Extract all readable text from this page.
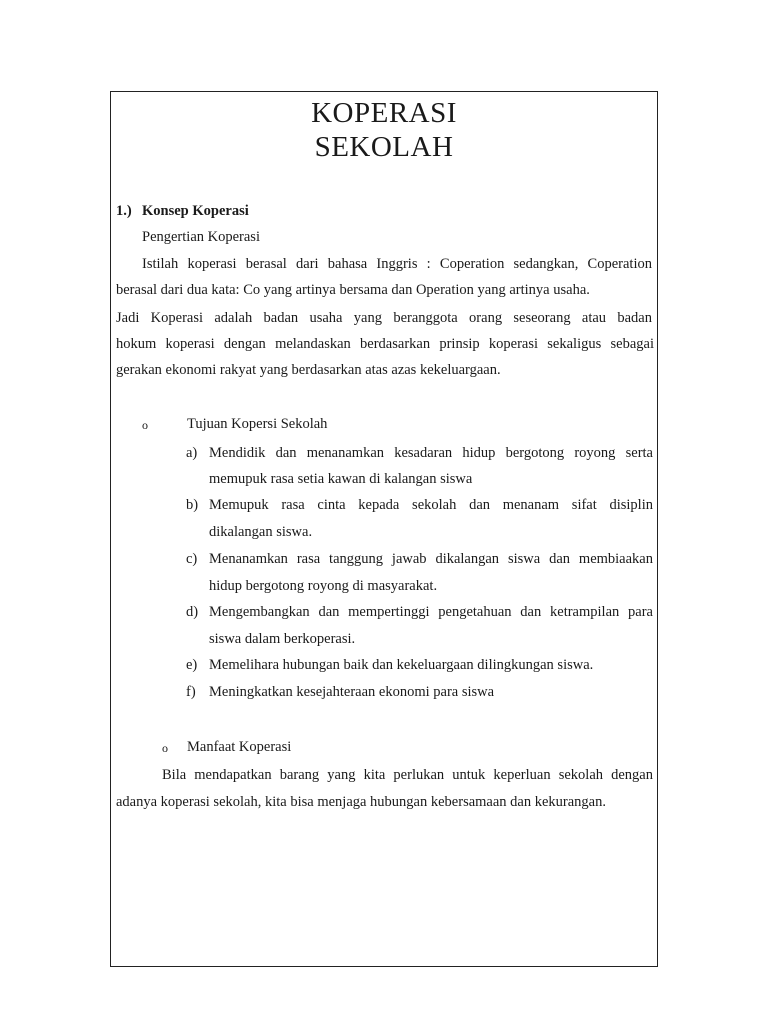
KOPERASI
SEKOLAH
1.) Konsep Koperasi
Pengertian Koperasi
Istilah koperasi berasal dari bahasa Inggris : Coperation sedangkan, Coperation
berasal dari dua kata: Co yang artinya bersama dan Operation yang artinya usaha.
Jadi Koperasi adalah badan usaha yang beranggota orang seseorang atau badan
hokum koperasi dengan melandaskan berdasarkan prinsip koperasi sekaligus sebagai
gerakan ekonomi rakyat yang berdasarkan atas azas kekeluargaan.
o	Tujuan Kopersi Sekolah
a) Mendidik dan menanamkan kesadaran hidup bergotong royong serta
memupuk rasa setia kawan di kalangan siswa
b) Memupuk rasa cinta kepada sekolah dan menanam sifat disiplin
dikalangan siswa.
c) Menanamkan rasa tanggung jawab dikalangan siswa dan membiaakan
hidup bergotong royong di masyarakat.
d) Mengembangkan dan mempertinggi pengetahuan dan ketrampilan para
siswa dalam berkoperasi.
e) Memelihara hubungan baik dan kekeluargaan dilingkungan siswa.
f) Meningkatkan kesejahteraan ekonomi para siswa
o Manfaat Koperasi
Bila mendapatkan barang yang kita perlukan untuk keperluan sekolah dengan
adanya koperasi sekolah, kita bisa menjaga hubungan kebersamaan dan kekurangan.
